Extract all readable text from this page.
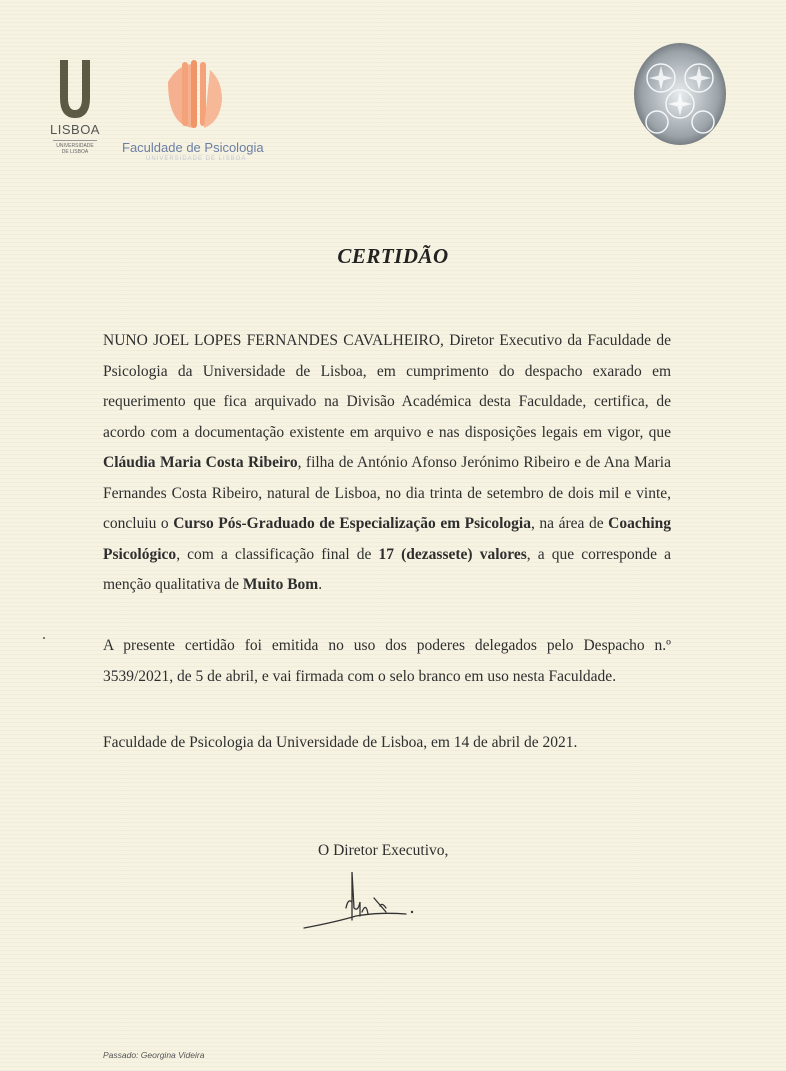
LISBOA
UNIVERSIDADE
DE LISBOA	Faculdade de Psicologia
UNIVERSIDADE DE LISBOA
CERTIDÃO
NUNO JOEL LOPES FERNANDES CAVALHEIRO, Diretor Executivo da Faculdade de Psicologia da Universidade de Lisboa, em cumprimento do despacho exarado em requerimento que fica arquivado na Divisão Académica desta Faculdade, certifica, de acordo com a documentação existente em arquivo e nas disposições legais em vigor, que Cláudia Maria Costa Ribeiro, filha de António Afonso Jerónimo Ribeiro e de Ana Maria Fernandes Costa Ribeiro, natural de Lisboa, no dia trinta de setembro de dois mil e vinte, concluiu o Curso Pós-Graduado de Especialização em Psicologia, na área de Coaching Psicológico, com a classificação final de 17 (dezassete) valores, a que corresponde a menção qualitativa de Muito Bom.
A presente certidão foi emitida no uso dos poderes delegados pelo Despacho n.º 3539/2021, de 5 de abril, e vai firmada com o selo branco em uso nesta Faculdade.
Faculdade de Psicologia da Universidade de Lisboa, em 14 de abril de 2021.
O Diretor Executivo,
Passado: Georgina Videira
